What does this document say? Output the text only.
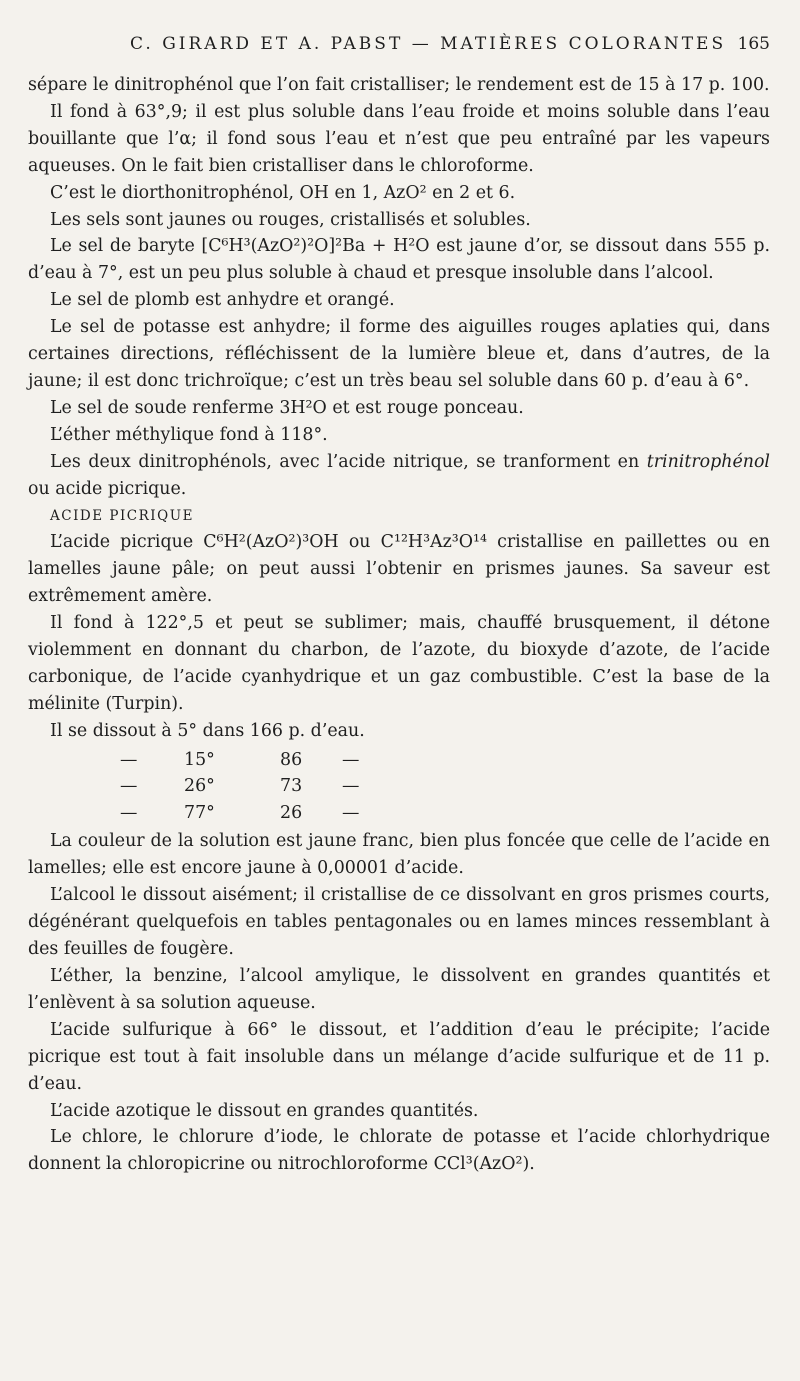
C. GIRARD ET A. PABST — MATIÈRES COLORANTES 165

sépare le dinitrophénol que l’on fait cristalliser; le rendement est de 15 à 17 p. 100.

Il fond à 63°,9; il est plus soluble dans l’eau froide et moins soluble dans l’eau bouillante que l’α; il fond sous l’eau et n’est que peu entraîné par les vapeurs aqueuses. On le fait bien cristalliser dans le chloroforme.

C’est le diorthonitrophénol, OH en 1, AzO² en 2 et 6.

Les sels sont jaunes ou rouges, cristallisés et solubles.

Le sel de baryte [C⁶H³(AzO²)²O]²Ba + H²O est jaune d’or, se dissout dans 555 p. d’eau à 7°, est un peu plus soluble à chaud et presque insoluble dans l’alcool.

Le sel de plomb est anhydre et orangé.

Le sel de potasse est anhydre; il forme des aiguilles rouges aplaties qui, dans certaines directions, réfléchissent de la lumière bleue et, dans d’autres, de la jaune; il est donc trichroïque; c’est un très beau sel soluble dans 60 p. d’eau à 6°.

Le sel de soude renferme 3H²O et est rouge ponceau.

L’éther méthylique fond à 118°.

Les deux dinitrophénols, avec l’acide nitrique, se tranforment en trinitrophénol ou acide picrique.

ACIDE PICRIQUE

L’acide picrique C⁶H²(AzO²)³OH ou C¹²H³Az³O¹⁴ cristallise en paillettes ou en lamelles jaune pâle; on peut aussi l’obtenir en prismes jaunes. Sa saveur est extrêmement amère.

Il fond à 122°,5 et peut se sublimer; mais, chauffé brusquement, il détone violemment en donnant du charbon, de l’azote, du bioxyde d’azote, de l’acide carbonique, de l’acide cyanhydrique et un gaz combustible. C’est la base de la mélinite (Turpin).

Il se dissout à 5° dans 166 p. d’eau.

—	15°	86 —
—	26°	73 —
—	77°	26 —

La couleur de la solution est jaune franc, bien plus foncée que celle de l’acide en lamelles; elle est encore jaune à 0,00001 d’acide.

L’alcool le dissout aisément; il cristallise de ce dissolvant en gros prismes courts, dégénérant quelquefois en tables pentagonales ou en lames minces ressemblant à des feuilles de fougère.

L’éther, la benzine, l’alcool amylique, le dissolvent en grandes quantités et l’enlèvent à sa solution aqueuse.

L’acide sulfurique à 66° le dissout, et l’addition d’eau le précipite; l’acide picrique est tout à fait insoluble dans un mélange d’acide sulfurique et de 11 p. d’eau.

L’acide azotique le dissout en grandes quantités.

Le chlore, le chlorure d’iode, le chlorate de potasse et l’acide chlorhydrique donnent la chloropicrine ou nitrochloroforme CCl³(AzO²).
